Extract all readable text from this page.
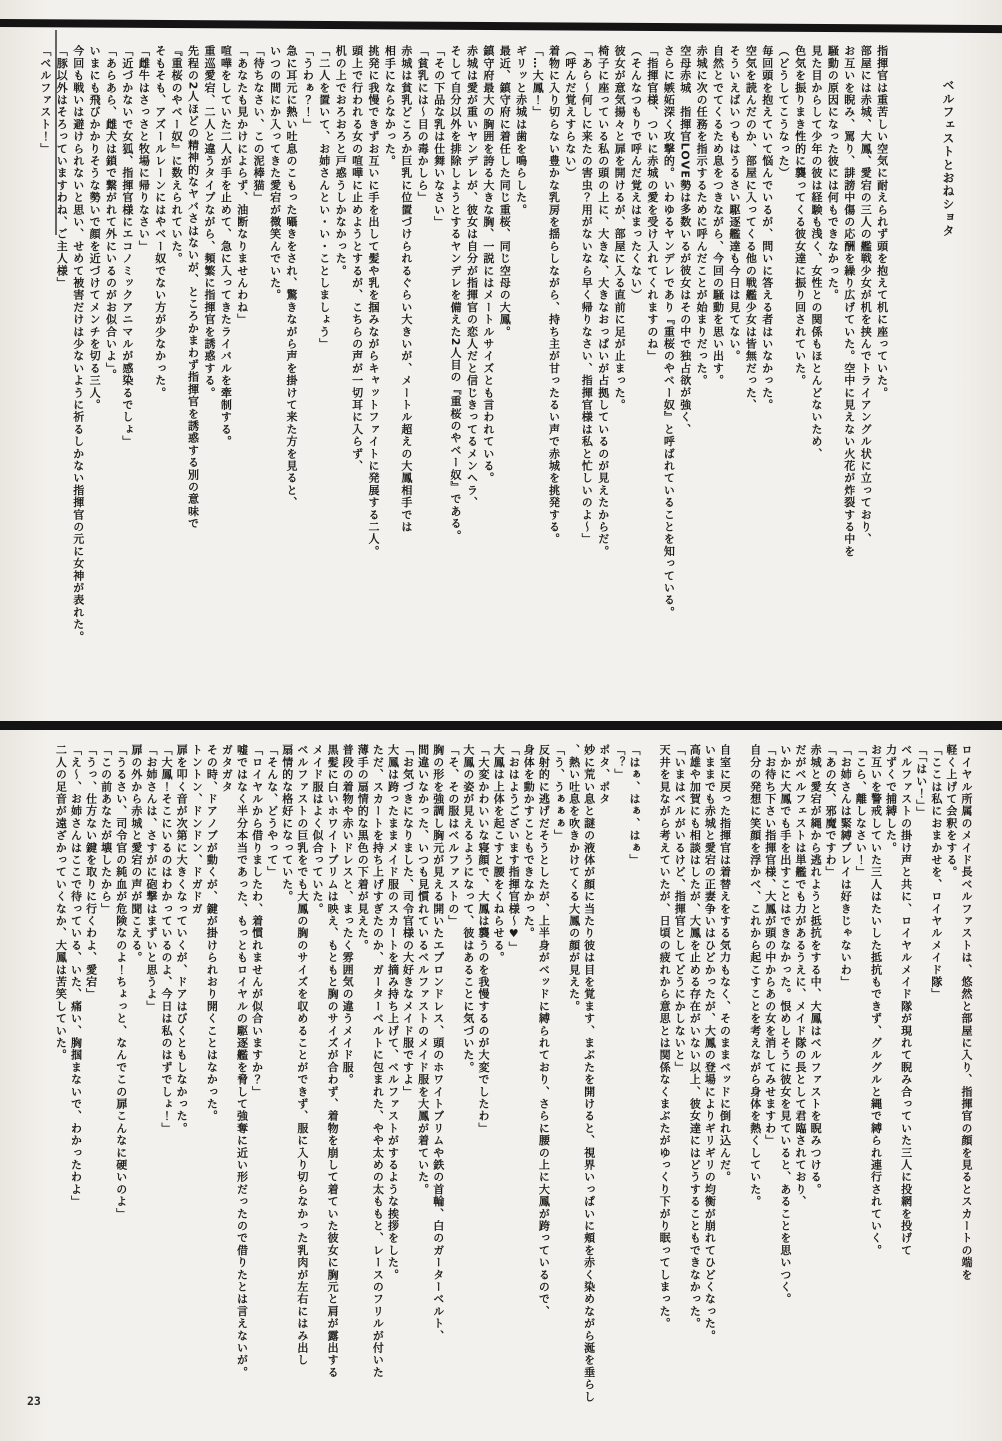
ベルフェストとおねショタ

指揮官は重苦しい空気に耐えられず頭を抱えて机に座っていた。

部屋には赤城、大鳳、愛宕の三人の艦戦少女が机を挟んでトライアングル状に立っており、

お互いを睨み、罵り、誹謗中傷の応酬を繰り広げていた。空中に見えない火花が炸裂する中を

騒動の原因になった彼には何もできなかった。

見た目からして少年の彼は経験も浅く、女性との関係もほとんどないため、

色気を振りまき性的に襲ってくる彼女達に振り回されていた。

（どうしてこうなった）

毎回頭を抱えていて悩んでいるが、問いに答える者はいなかった。

空気を読んだのか、部屋に入ってくる他の戦艦少女は皆無だった、

そういえばいつもはうるさい駆逐艦達も今日は見てない。

自然とでてくるため息をつきながら、今回の騒動を思い出す。

赤城に次の任務を指示するために呼んだことが始まりだった。

空母赤城　指揮官LOVE勢は多数いるが彼女はその中で独占欲が強く、

さらに嫉妬深く攻撃的。いわゆるヤンデレであり『重桜のやベー奴』と呼ばれていることを知っている。

「指揮官様、ついに赤城の愛を受け入れてくれますのね」

（そんなつもりで呼んだ覚えはまったくない）

彼女が意気揚々と扉を開けるが、部屋に入る直前に足が止まった。

椅子に座っている私の頭の上に、大きな、大きなおっぱいが占拠しているのが見えたからだ。

「あら～何しに来たの害虫？用がないなら早く帰りなさい、指揮官様は私と忙しいのよ～」

（呼んだ覚えすらない）

着物に入り切らない豊かな乳房を揺らしながら、持ち主が甘ったるい声で赤城を挑発する。

「…大鳳！」

ギリッと赤城は歯を鳴らした。

最近、鎮守府に着任した同じ重桜、同じ空母の大鳳。

鎮守府最大の胸囲を誇る大きな胸、一説にはメートルサイズとも言われている。

赤城は愛が重いヤンデレが、彼女は自分が指揮官の恋人だと信じきってるメンヘラ、

そして自分以外を排除しようとするヤンデレを備えた2人目の『重桜のやベー奴』である。

「その下品な乳は仕舞いなさい」

「貧乳には～目の毒かしら」

赤城は貧乳どころか巨乳に位置づけられるぐらい大きいが、メートル超えの大鳳相手では

相手にならなかった。

挑発に我慢できずお互いに手を出して髪や乳を掴みながらキャットファイトに発展する二人。

頭上で行われる女の喧嘩に止めようとするが、こちらの声が一切耳に入らず、

机の上でおろおろと戸惑うしかなかった。

「二人を置いて、お姉さんとい・い・ことしましょう」

「うわぁ？！」

急に耳元に熱い吐息のこもった囁きをされ、驚きながら声を掛けて来た方を見ると、

いつの間にか入ってきた愛宕が微笑んでいた。

「待ちなさい、この泥棒猫」

「あなたも見かけによらず、油断なりませんわね」

喧嘩をしていた二人が手を止めて、急に入ってきたライバルを牽制する。

重巡愛宕、二人と違うタイプながら、頻繁に指揮官を誘惑する。

先程の2人ほどの精神的なヤバさはないが、ところかまわず指揮官を誘惑する別の意味で

『重桜のやベー奴』に数えられていた。

そもそも、アズールレーンにはやベー奴でない方が少なかった。

「雌牛はさっさと牧場に帰りなさい」

「近づかないで女狐、指揮官様にエコノミックアニマルが感染るでしょ」

「あらあら、雌犬は鎖で繋がれて外にいるのがお似合いよ」。

いまにも飛びかかりそうな勢いで顔を近づけてメンチを切る三人。

今回も戦いは避けられないと思い、せめて被害だけは少ないように祈るしかない指揮官の元に女神が表れた。

「豚以外はそろっていますわね、ご主人様」

「ベルファスト！」

ロイヤル所属のメイド長ベルファストは、悠然と部屋に入り、指揮官の顔を見るとスカートの端を

軽く上げて会釈をする。

「ここは私におまかせを、ロイヤルメイド隊」

「「はい！」」

ベルファストの掛け声と共に、ロイヤルメイド隊が現れて睨み合っていた三人に投網を投げて

力ずくで捕縛した。

お互いを警戒していた三人はたいした抵抗もできず、グルグルと縄で縛られ連行されていく。

「こら、離しなさい！」

「お姉さんは緊縛プレイは好きじゃないわ」

「あの女、邪魔ですわ」

赤城と愛宕が縄から逃れようと抵抗をする中、大鳳はベルファストを睨みつける。

だがベルフェストは単艦でも力があるうえに、メイド隊の長として君臨されており、

いかに大鳳でも手を出すことはできなかった。恨めしそうに彼女を見ていると、あることを思いつく。

「お待ち下さい指揮官様、大鳳が頭の中からあの女を消してみせますわ」

自分の発想に笑顔を浮かべ、これから起こすことを考えながら身体を熱くしていた。

自室に戻った指揮官は着替えをする気力もなく、そのままベッドに倒れ込んだ。

いままでも赤城と愛宕の正妻争いはひどかったが、大鳳の登場によりギリギリの均衡が崩れてひどくなった。

高雄や加賀にも相談はしたが、大鳳を止める存在がいない以上、彼女達にはどうすることもできなかった。

「いまはベルがいるけど、指揮官としてどうにかしないと」

天井を見ながら考えていたが、日頃の疲れから意思とは関係なくまぶたがゆっくり下がり眠ってしまった。

「はぁ、はぁ、はぁ」

「？」

ポタ、ポタ

妙に荒い息と謎の液体が顔に当たり彼は目を覚ます、まぶたを開けると、視界いっぱいに頬を赤く染めながら涎を垂らし

、熱い吐息を吹きかけてくる大鳳の顔が見えた。

「う、うぁぁぁ」

反射的に逃げだそうとしたが、上半身がベッドに縛られており、さらに腰の上に大鳳が跨っているので、

身体を動かすこともできなかった。

「おはようございます指揮官様～♥」

大鳳は上体を起こすと腰をくねらせる。

「大変かわいいな寝顔で、大鳳は襲うのを我慢するのが大変でしたわ」

大鳳の姿が見えるようになって、彼はあることに気づいた。

「そ、その服はベルファストの」

胸の形を強調し胸元が見える開いたエプロンドレス、頭のホワイトブリムや鉄の首輪、白のガーターベルト、

間違いなかった、いつも見慣れているベルファストのメイド服を大鳳が着ていた。

「お気づきになりました、司令官様の大好きなメイド服ですよ」

大鳳は跨ったままメイド服のスカートを摘み持ち上げて、ベルファストがするような挨拶をした。

ただ、スカートを持ち上げすぎたのか、ガーターベルトに包まれた、やや太めの太ももと、レースのフリルが付いた

薄手の扇情的な黒色の下着が見えた。

普段の着物や赤いドレスと、まったく雰囲気の違うメイド服。

黒髪に白いホワイトブリムは映え、もともと胸のサイズが合わず、着物を崩して着ていた彼女に胸元と肩が露出する

メイド服はよく似合っていた。

ベルファストの巨乳をでも大鳳の胸のサイズを収めることができず、服に入り切らなかった乳肉が左右にはみ出し

扇情的な格好になっていた。

「そんな、どうやって」

「ロイヤルから借りましたわ、着慣れませんが似合いますか？」

嘘ではなく半分本当であった、もっともロイヤルの駆逐艦を脅して強奪に近い形だったので借りたとは言えないが。

ガタガタ

その時、ドアノブが動くが、鍵が掛けられおり開くことはなかった。

トントン、ドンドン、ドガドガ

扉を叩く音が次第に大きくなっていくが、ドアはびくともしなかった。

「大鳳！そこにいるのはわかっているのよ、今日は私のはずでしょ！」

「お姉さんは、さすがに砲撃はまずいと思うよ」

扉の外から赤城と愛宕の声が聞こえる。

「うるさい、司令官の純血が危険なのよ！ちょっと、なんでこの扉こんなに硬いのよ」

「この前あなたが壊したから」

「うっ、仕方ない鍵を取りに行くわよ、愛宕」

「え～、お姉さんはここで待っている、いた、痛い、胸掴まないで、わかったわよ」

二人の足音が遠ざかっていくなか、大鳳は苦笑していた。

23
